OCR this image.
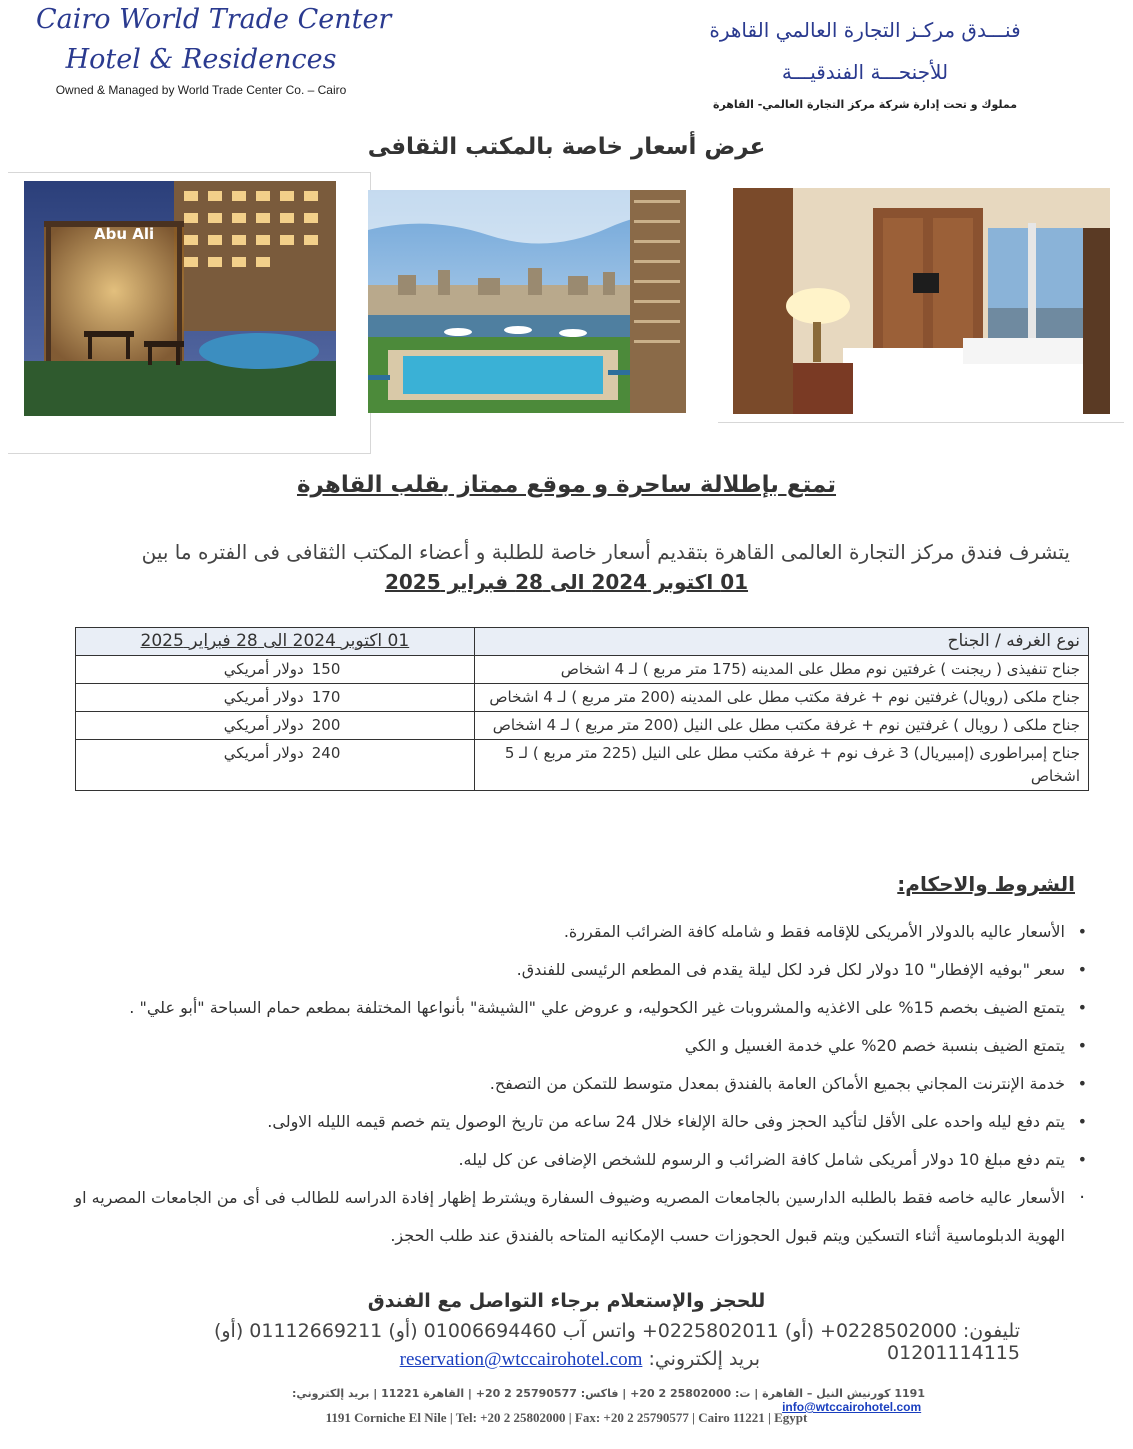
Cairo World Trade Center
Hotel & Residences
Owned & Managed by World Trade Center Co. – Cairo
فنـــدق مركـز التجارة العالمي القاهرة
للأجنحـــة الفندقيـــة
مملوك و تحت إدارة شركة مركز التجارة العالمي- القاهرة
عرض أسعار خاصة بالمكتب الثقافى
Abu Ali
تمتع بإطلالة ساحرة و موقع ممتاز بقلب القاهرة
يتشرف فندق مركز التجارة العالمى القاهرة بتقديم أسعار خاصة للطلبة و أعضاء المكتب الثقافى فى الفتره ما بين
01 اكتوبر 2024 الى 28 فبراير 2025
نوع الغرفه / الجناح	01 اكتوبر 2024 الى 28 فبراير 2025
جناح تنفيذى ( ريجنت ) غرفتين نوم مطل على المدينه (175 متر مربع ) لـ 4 اشخاص	150دولار أمريكي
جناح ملكى (رويال) غرفتين نوم + غرفة مكتب مطل على المدينه (200 متر مربع ) لـ 4 اشخاص	170دولار أمريكي
جناح ملكى ( رويال ) غرفتين نوم + غرفة مكتب مطل على النيل (200 متر مربع ) لـ 4 اشخاص	200دولار أمريكي
جناح إمبراطورى (إمبيريال) 3 غرف نوم + غرفة مكتب مطل على النيل (225 متر مربع ) لـ 5 اشخاص	240دولار أمريكي
الشروط والاحكام:
• الأسعار عاليه بالدولار الأمريكى للإقامه فقط و شامله كافة الضرائب المقررة.
• سعر "بوفيه الإفطار" 10 دولار لكل فرد لكل ليلة يقدم فى المطعم الرئيسى للفندق.
• يتمتع الضيف بخصم 15% على الاغذيه والمشروبات غير الكحوليه، و عروض علي "الشيشة" بأنواعها المختلفة بمطعم حمام السباحة "أبو علي" .
• يتمتع الضيف بنسبة خصم 20% علي خدمة الغسيل و الكي
• خدمة الإنترنت المجاني بجميع الأماكن العامة بالفندق بمعدل متوسط للتمكن من التصفح.
• يتم دفع ليله واحده على الأقل لتأكيد الحجز وفى حالة الإلغاء خلال 24 ساعه من تاريخ الوصول يتم خصم قيمه الليله الاولى.
• يتم دفع مبلغ 10 دولار أمريكى شامل كافة الضرائب و الرسوم للشخص الإضافى عن كل ليله.
· الأسعار عاليه خاصه فقط بالطلبه الدارسين بالجامعات المصريه وضيوف السفارة ويشترط إظهار إفادة الدراسه للطالب فى أى من الجامعات المصريه او الهوية الدبلوماسية أثناء التسكين ويتم قبول الحجوزات حسب الإمكانيه المتاحه بالفندق عند طلب الحجز.
للحجز والإستعلام برجاء التواصل مع الفندق
تليفون: 0228502000+ (أو) 0225802011+ واتس آب 01006694460 (أو) 01112669211 (أو) 01201114115
بريد إلكتروني: reservation@wtccairohotel.com
1191 كورنيش النيل – القاهرة | ت: 25802000 2 20+ | فاكس: 25790577 2 20+ | القاهرة 11221 | بريد إلكتروني:  info@wtccairohotel.com
1191 Corniche El Nile | Tel: +20 2 25802000 | Fax: +20 2 25790577 | Cairo 11221 | Egypt
